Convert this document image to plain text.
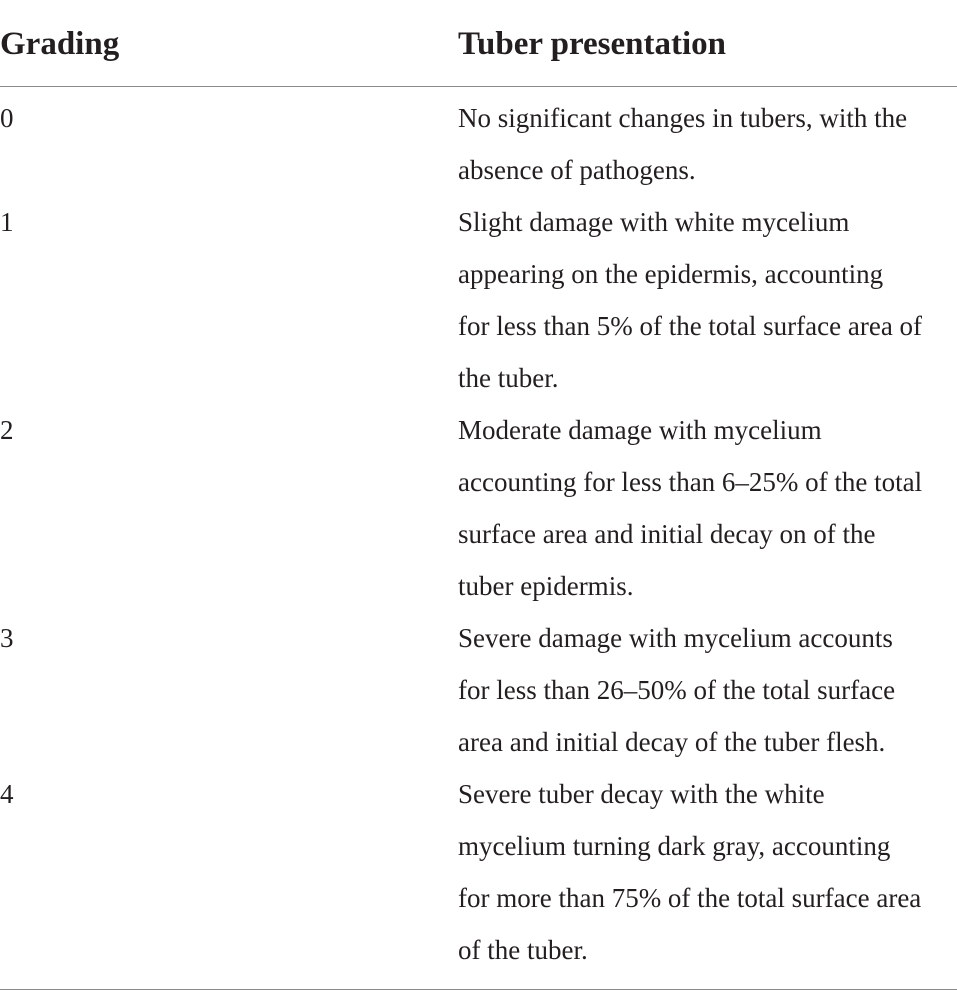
Grading	Tuber presentation
0	No significant changes in tubers, with the
absence of pathogens.
1	Slight damage with white mycelium
appearing on the epidermis, accounting
for less than 5% of the total surface area of
the tuber.
2	Moderate damage with mycelium
accounting for less than 6–25% of the total
surface area and initial decay on of the
tuber epidermis.
3	Severe damage with mycelium accounts
for less than 26–50% of the total surface
area and initial decay of the tuber flesh.
4	Severe tuber decay with the white
mycelium turning dark gray, accounting
for more than 75% of the total surface area
of the tuber.
